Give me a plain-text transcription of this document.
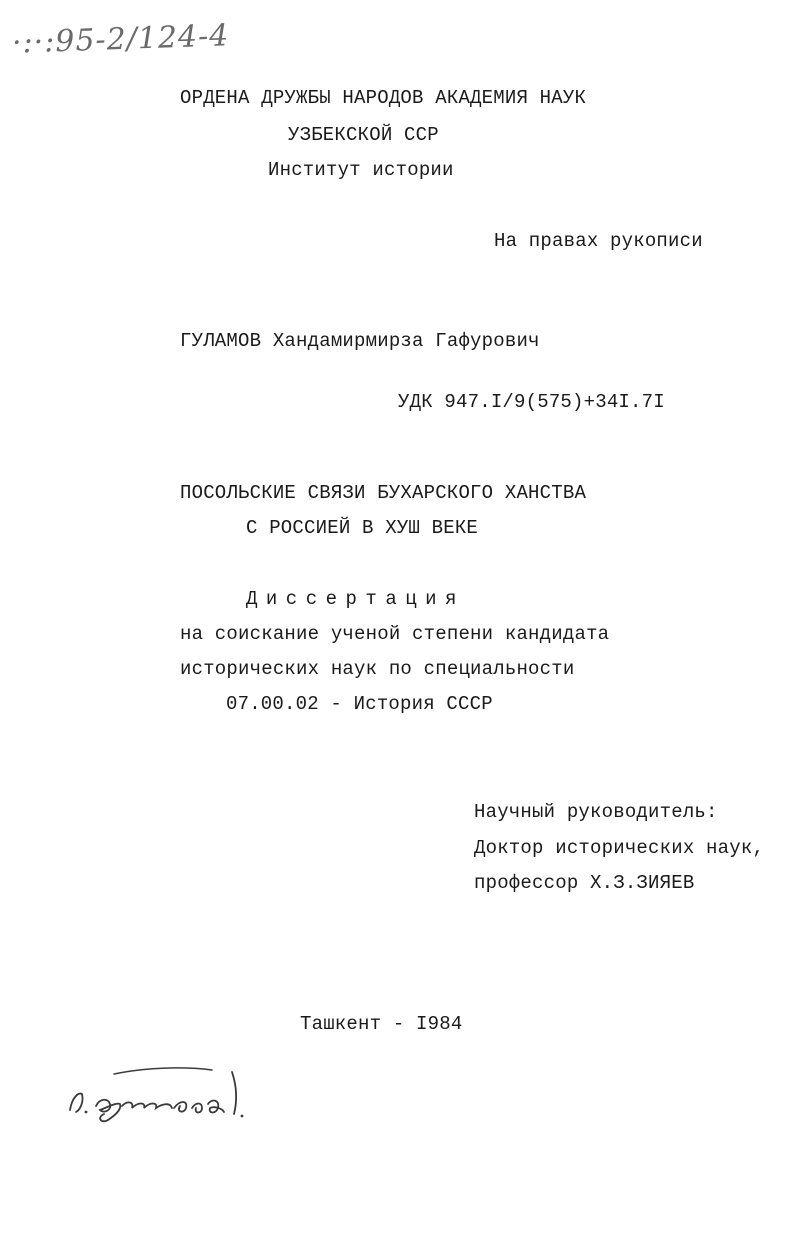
·:·:95-2/124-4
ОРДЕНА ДРУЖБЫ НАРОДОВ АКАДЕМИЯ НАУК
УЗБЕКСКОЙ ССР
Институт истории
На правах рукописи
ГУЛАМОВ Хандамирмирза Гафурович
УДК 947.I/9(575)+34I.7I
ПОСОЛЬСКИЕ СВЯЗИ БУХАРСКОГО ХАНСТВА
С РОССИЕЙ В ХУШ ВЕКЕ
Диссертация
на соискание ученой степени кандидата
исторических наук по специальности
07.00.02 - История СССР
Научный руководитель:
Доктор исторических наук,
профессор Х.З.ЗИЯЕВ
Ташкент - I984
